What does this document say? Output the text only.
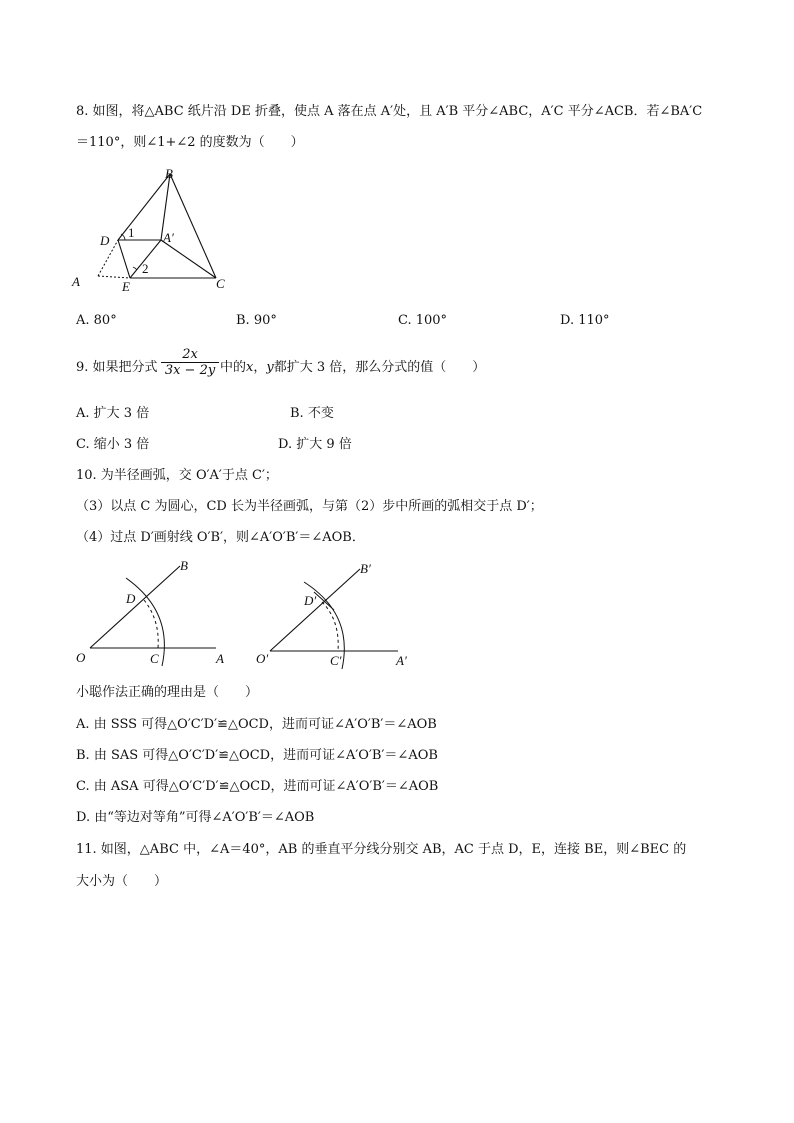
8. 如图，将△ABC 纸片沿 DE 折叠，使点 A 落在点 A′处，且 A′B 平分∠ABC，A′C 平分∠ACB．若∠BA′C
＝110°，则∠1+∠2 的度数为（　　）
B
D
1 A′
2
A	E	C
A. 80°	B. 90°	C. 100°	D. 110°
9. 如果把分式 $\frac{2x}{3x - 2y}$ 中的x，y都扩大 3 倍，那么分式的值（　　）
A. 扩大 3 倍	B. 不变
C. 缩小 3 倍	D. 扩大 9 倍
10. 为半径画弧，交 O′A′于点 C′；
（3）以点 C 为圆心，CD 长为半径画弧，与第（2）步中所画的弧相交于点 D′；
（4）过点 D′画射线 O′B′，则∠A′O′B′＝∠AOB．
B
D
O	C	A
B′
D′
O′	C′	A′
小聪作法正确的理由是（　　）
A. 由 SSS 可得△O′C′D′≌△OCD，进而可证∠A′O′B′＝∠AOB
B. 由 SAS 可得△O′C′D′≌△OCD，进而可证∠A′O′B′＝∠AOB
C. 由 ASA 可得△O′C′D′≌△OCD，进而可证∠A′O′B′＝∠AOB
D. 由“等边对等角”可得∠A′O′B′＝∠AOB
11. 如图，△ABC 中，∠A＝40°，AB 的垂直平分线分别交 AB，AC 于点 D，E，连接 BE，则∠BEC 的
大小为（　　）
